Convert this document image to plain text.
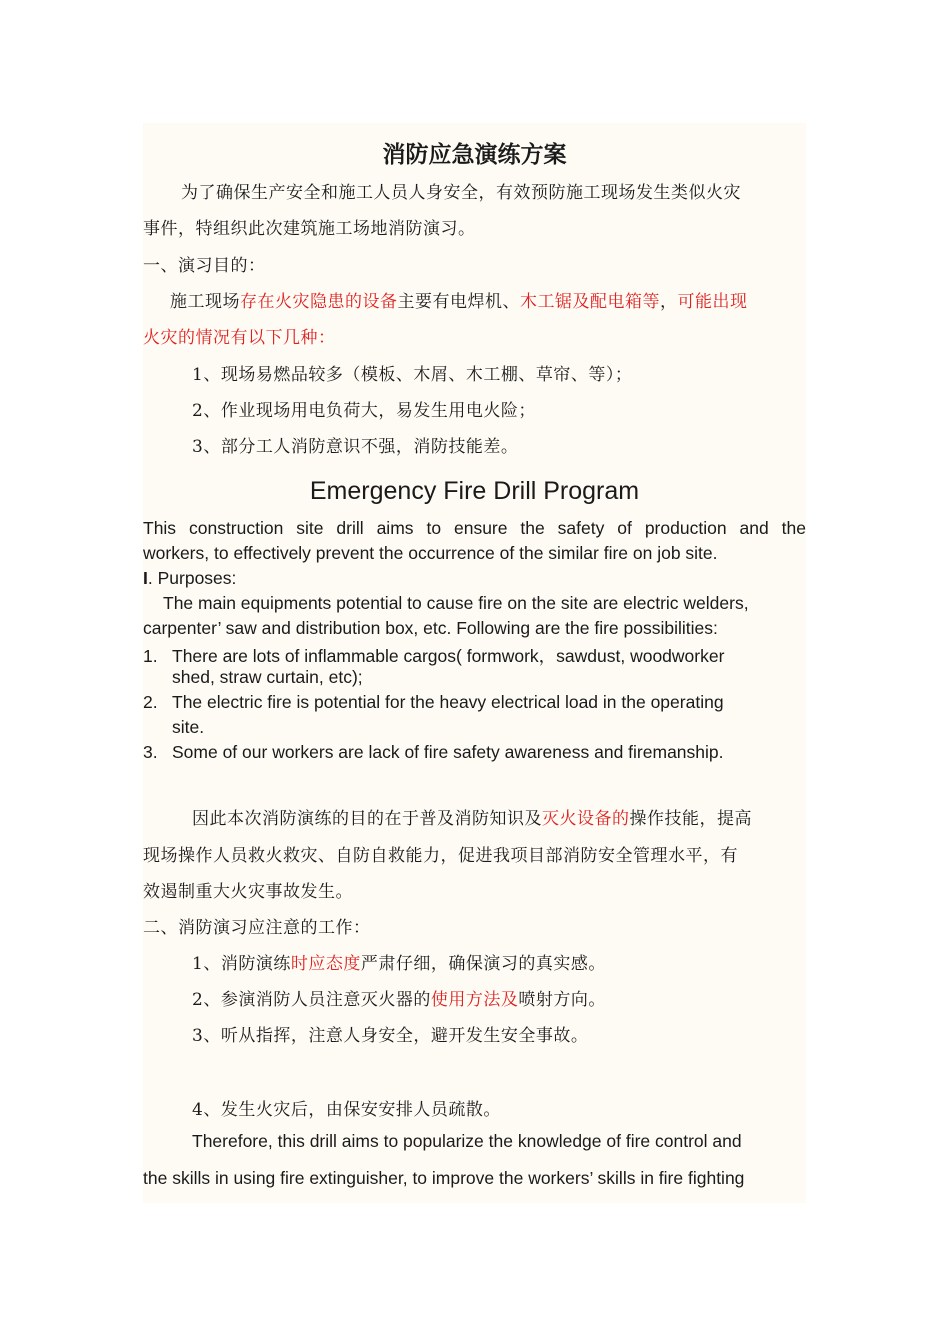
消防应急演练方案
为了确保生产安全和施工人员人身安全，有效预防施工现场发生类似火灾
事件，特组织此次建筑施工场地消防演习。
一、演习目的：
施工现场存在火灾隐患的设备主要有电焊机、木工锯及配电箱等，可能出现
火灾的情况有以下几种：
1、现场易燃品较多（模板、木屑、木工棚、草帘、等）；
2、作业现场用电负荷大，易发生用电火险；
3、部分工人消防意识不强，消防技能差。
Emergency Fire Drill Program
This construction site drill aims to ensure the safety of production and the
workers, to effectively prevent the occurrence of the similar fire on job site.
I. Purposes:
The main equipments potential to cause fire on the site are electric welders,
carpenter’ saw and distribution box, etc. Following are the fire possibilities:
1. There are lots of inflammable cargos( formwork，sawdust, woodworker
shed, straw curtain, etc);
2. The electric fire is potential for the heavy electrical load in the operating
site.
3. Some of our workers are lack of fire safety awareness and firemanship.
因此本次消防演练的目的在于普及消防知识及灭火设备的操作技能，提高
现场操作人员救火救灾、自防自救能力，促进我项目部消防安全管理水平，有
效遏制重大火灾事故发生。
二、消防演习应注意的工作：
1、消防演练时应态度严肃仔细，确保演习的真实感。
2、参演消防人员注意灭火器的使用方法及喷射方向。
3、听从指挥，注意人身安全，避开发生安全事故。
4、发生火灾后，由保安安排人员疏散。
Therefore, this drill aims to popularize the knowledge of fire control and
the skills in using fire extinguisher, to improve the workers’ skills in fire fighting
